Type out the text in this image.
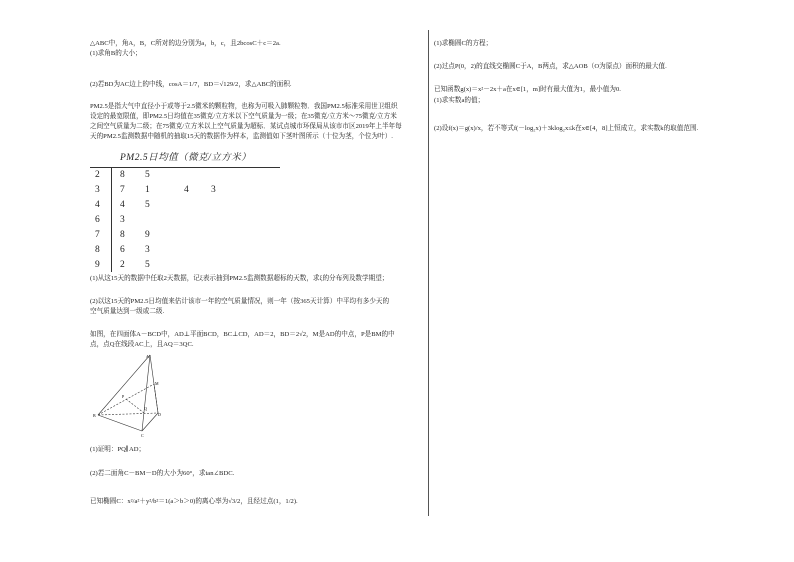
PM2.5日均值（微克/立方米）
2	8	5
3	7	1	4	3
4	4	5
6	3
7	8	9
8	6	3
9	2	5
A
B
C
D
M
P
Q
△ABC中，角A，B，C所对的边分别为a，b，c，且2bcosC＋c＝2a.
(1)求角B的大小；
(2)若BD为AC边上的中线，cosA＝1/7，BD＝√129/2，求△ABC的面积.
PM2.5是指大气中直径小于或等于2.5微米的颗粒物，也称为可吸入肺颗粒物．我国PM2.5标准采用世卫组织
设定的最宽限值，即PM2.5日均值在35微克/立方米以下空气质量为一级；在35微克/立方米～75微克/立方米
之间空气质量为二级；在75微克/立方米以上空气质量为超标．某试点城市环保局从该市市区2019年上半年每
天的PM2.5监测数据中随机的抽取15天的数据作为样本，监测值如下茎叶图所示（十位为茎，个位为叶）.
(1)从这15天的数据中任取2天数据，记ξ表示抽到PM2.5监测数据超标的天数，求ξ的分布列及数学期望；
(2)以这15天的PM2.5日均值来估计该市一年的空气质量情况，则一年（按365天计算）中平均有多少天的
空气质量达到一级或二级.
如图，在四面体A－BCD中，AD⊥平面BCD，BC⊥CD，AD＝2，BD＝2√2，M是AD的中点，P是BM的中
点，点Q在线段AC上，且AQ＝3QC.
(1)证明：PQ∥AD；
(2)若二面角C－BM－D的大小为60°，求tan∠BDC.
已知椭圆C：x²/a²＋y²/b²＝1(a＞b＞0)的离心率为√3/2，且经过点(1，1/2).
(1)求椭圆C的方程；
(2)过点P(0，2)的直线交椭圆C于A，B两点，求△AOB（O为原点）面积的最大值.
已知函数g(x)＝x²－2x＋a在x∈[1，m]时有最大值为1，最小值为0.
(1)求实数a的值；
(2)设f(x)＝g(x)/x，若不等式f(－log₂x)＋3klog₂x≤k在x∈[4，8]上恒成立，求实数k的取值范围.
